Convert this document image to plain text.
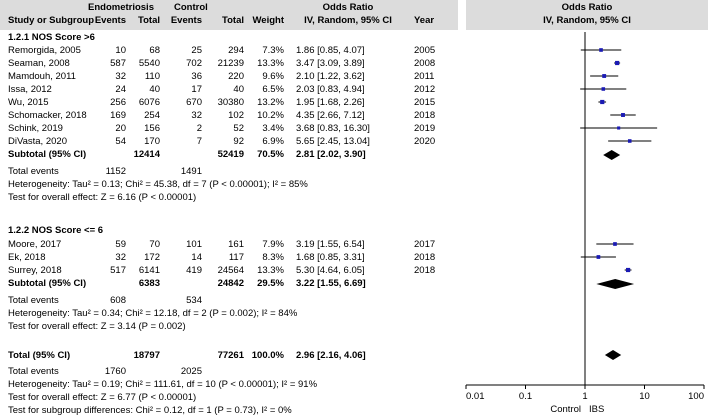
Endometriosis Control
Study or Subgroup Events	Total	Events	Total Weight
Odds Ratio
IV, Random, 95% CI	Year
Odds Ratio
IV, Random, 95% CI
1.2.1 NOS Score >6
Remorgida, 2005	10	68	25	294	7.3% 1.86 [0.85, 4.07]	2005
Seaman, 2008	587	5540	702	21239	13.3% 3.47 [3.09, 3.89]	2008
Mamdouh, 2011	32	110	36	220	9.6% 2.10 [1.22, 3.62]	2011
Issa, 2012	24	40	17	40	6.5% 2.03 [0.83, 4.94]	2012
Wu, 2015	256	6076	670	30380	13.2% 1.95 [1.68, 2.26]	2015
Schomacker, 2018	169	254	32	102	10.2% 4.35 [2.66, 7.12]	2018
Schink, 2019	20	156	2	52	3.4% 3.68 [0.83, 16.30]	2019
DiVasta, 2020	54	170	7	92	6.9% 5.65 [2.45, 13.04]	2020
Subtotal (95% CI)	12414	52419	70.5% 2.81 [2.02, 3.90]
Total events	1152	1491
Heterogeneity: Tau² = 0.13; Chi² = 45.38, df = 7 (P < 0.00001); I² = 85%
Test for overall effect: Z = 6.16 (P < 0.00001)
1.2.2 NOS Score <= 6
Moore, 2017	59	70	101	161	7.9% 3.19 [1.55, 6.54]	2017
Ek, 2018	32	172	14	117	8.3% 1.68 [0.85, 3.31]	2018
Surrey, 2018	517	6141	419	24564	13.3% 5.30 [4.64, 6.05]	2018
Subtotal (95% CI)	6383	24842	29.5% 3.22 [1.55, 6.69]
Total events	608	534
Heterogeneity: Tau² = 0.34; Chi² = 12.18, df = 2 (P = 0.002); I² = 84%
Test for overall effect: Z = 3.14 (P = 0.002)
Total (95% CI)	18797	77261 100.0% 2.96 [2.16, 4.06]
Total events	1760	2025
Heterogeneity: Tau² = 0.19; Chi² = 111.61, df = 10 (P < 0.00001); I² = 91%
Test for overall effect: Z = 6.77 (P < 0.00001)
Test for subgroup differences: Chi² = 0.12, df = 1 (P = 0.73), I² = 0%
0.01	0.1	1	10	100
Control IBS
